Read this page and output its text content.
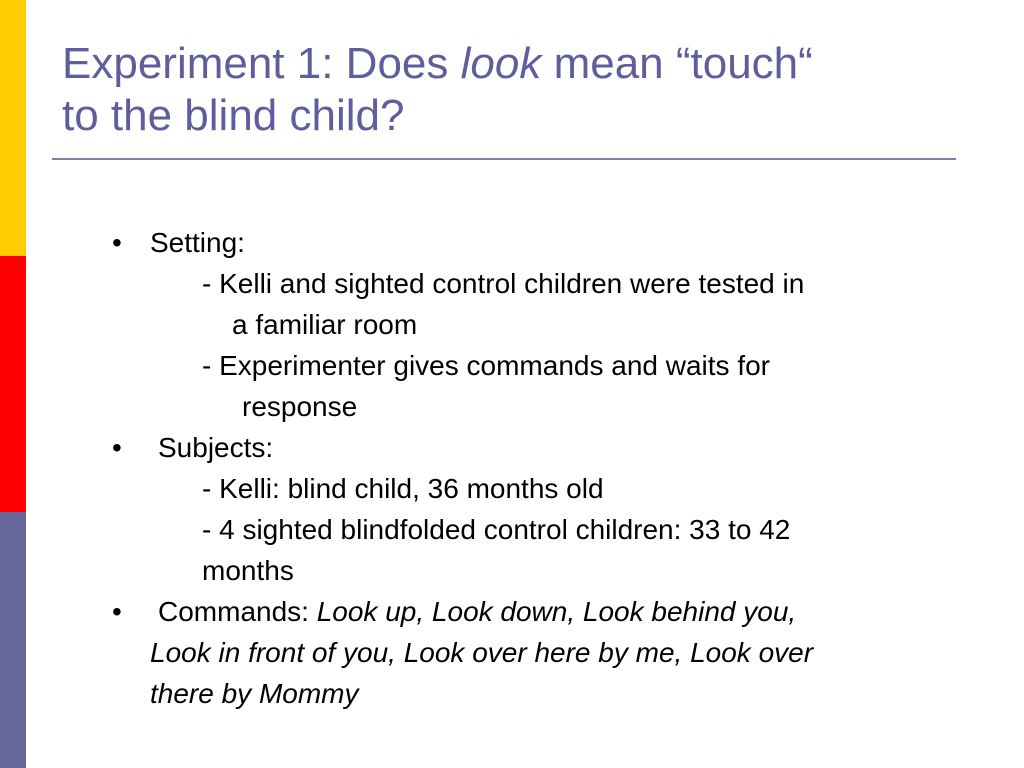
Experiment 1: Does look mean “touch“
to the blind child?
• Setting:
- Kelli and sighted control children were tested in
a familiar room
- Experimenter gives commands and waits for
response
• Subjects:
- Kelli: blind child, 36 months old
- 4 sighted blindfolded control children: 33 to 42
months
• Commands: Look up, Look down, Look behind you,
Look in front of you, Look over here by me, Look over
there by Mommy
